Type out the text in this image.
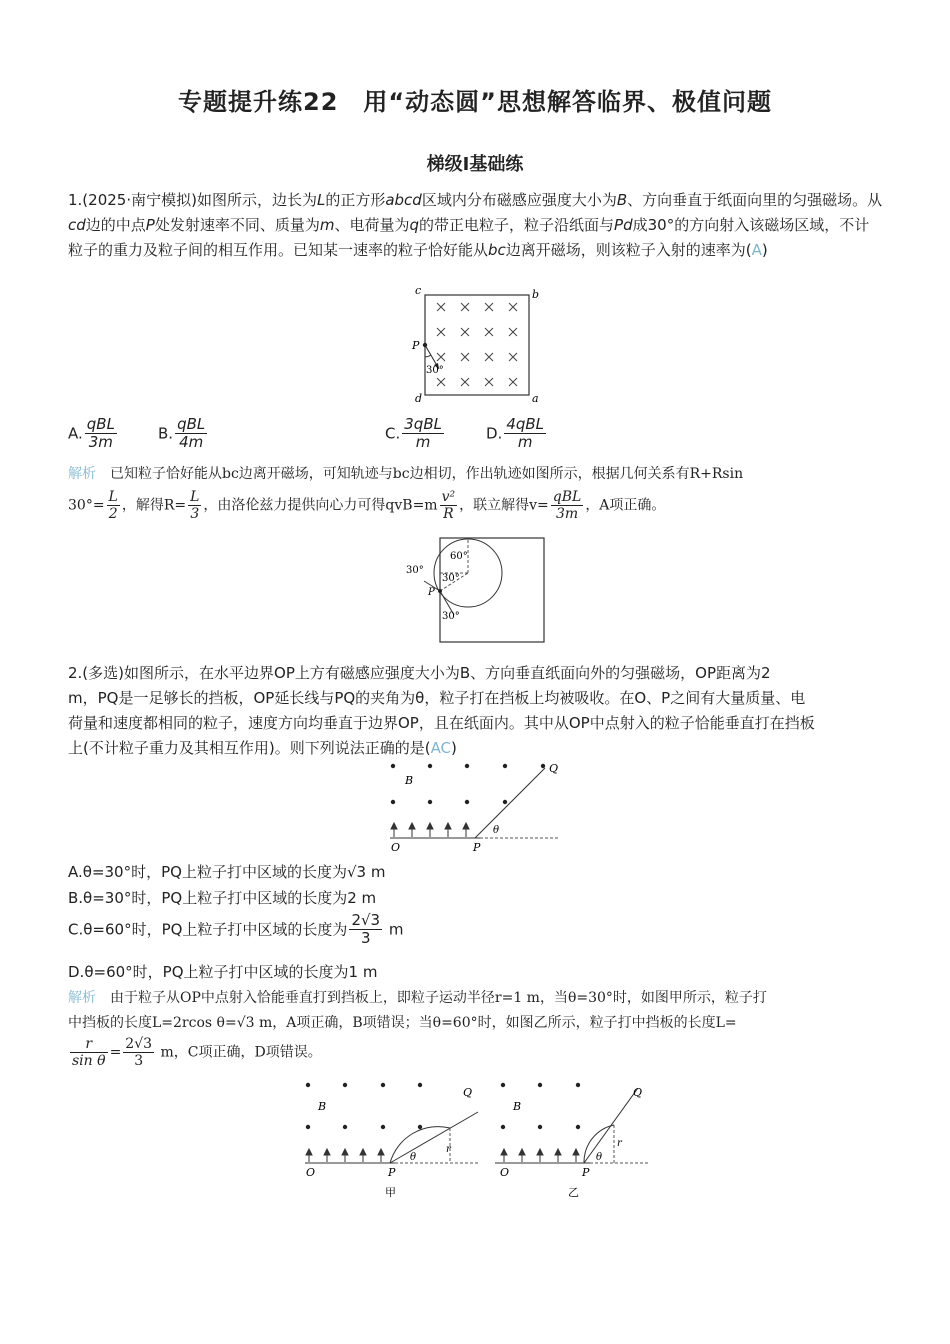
专题提升练22　用“动态圆”思想解答临界、极值问题
梯级Ⅰ基础练
1.(2025·南宁模拟)如图所示，边长为L的正方形abcd区域内分布磁感应强度大小为B、方向垂直于纸面向里的匀强磁场。从cd边的中点P处发射速率不同、质量为m、电荷量为q的带正电粒子，粒子沿纸面与Pd成30°的方向射入该磁场区域，不计粒子的重力及粒子间的相互作用。已知某一速率的粒子恰好能从bc边离开磁场，则该粒子入射的速率为(A)
c	b
d	a
P
30°
A. $\frac{\text{qBL}}{3m}$	B. $\frac{\text{qBL}}{4m}$	C. $\frac{\text{3qBL}}{m}$	D. $\frac{\text{4qBL}}{m}$
解析 已知粒子恰好能从bc边离开磁场，可知轨迹与bc边相切，作出轨迹如图所示，根据几何关系有R+Rsin
$30^\circ= \frac{L}{2}$ ，解得$R= \frac{L}{3}$ ，由洛伦兹力提供向心力可得$qvB=m \frac{\text{v²}}{R}$ ，联立解得$v= \frac{\text{qBL}}{3m}$ ，A项正确。
60°
30°
30°
30°
P
2.(多选)如图所示，在水平边界OP上方有磁感应强度大小为B、方向垂直纸面向外的匀强磁场，OP距离为2
m，PQ是一足够长的挡板，OP延长线与PQ的夹角为θ，粒子打在挡板上均被吸收。在O、P之间有大量质量、电
荷量和速度都相同的粒子，速度方向均垂直于边界OP，且在纸面内。其中从OP中点射入的粒子恰能垂直打在挡板
上(不计粒子重力及其相互作用)。则下列说法正确的是(AC)
B
Q
O	P
θ
A.θ=30°时，PQ上粒子打中区域的长度为√3 m
B.θ=30°时，PQ上粒子打中区域的长度为2 m
C.θ=60°时，PQ上粒子打中区域的长度为 $\frac{2√3}{3}$ m
D.θ=60°时，PQ上粒子打中区域的长度为1 m
解析 由于粒子从OP中点射入恰能垂直打到挡板上，即粒子运动半径r=1 m，当θ=30°时，如图甲所示，粒子打
中挡板的长度L=2rcos θ=√3 m，A项正确，B项错误；当θ=60°时，如图乙所示，粒子打中挡板的长度L=
$\frac{r}{\text{sin θ}} = \frac{2√3}{3}$ m，C项正确，D项错误。
B
Q
O	P
θ
r
甲
B
Q
O	P
θ
r
乙
